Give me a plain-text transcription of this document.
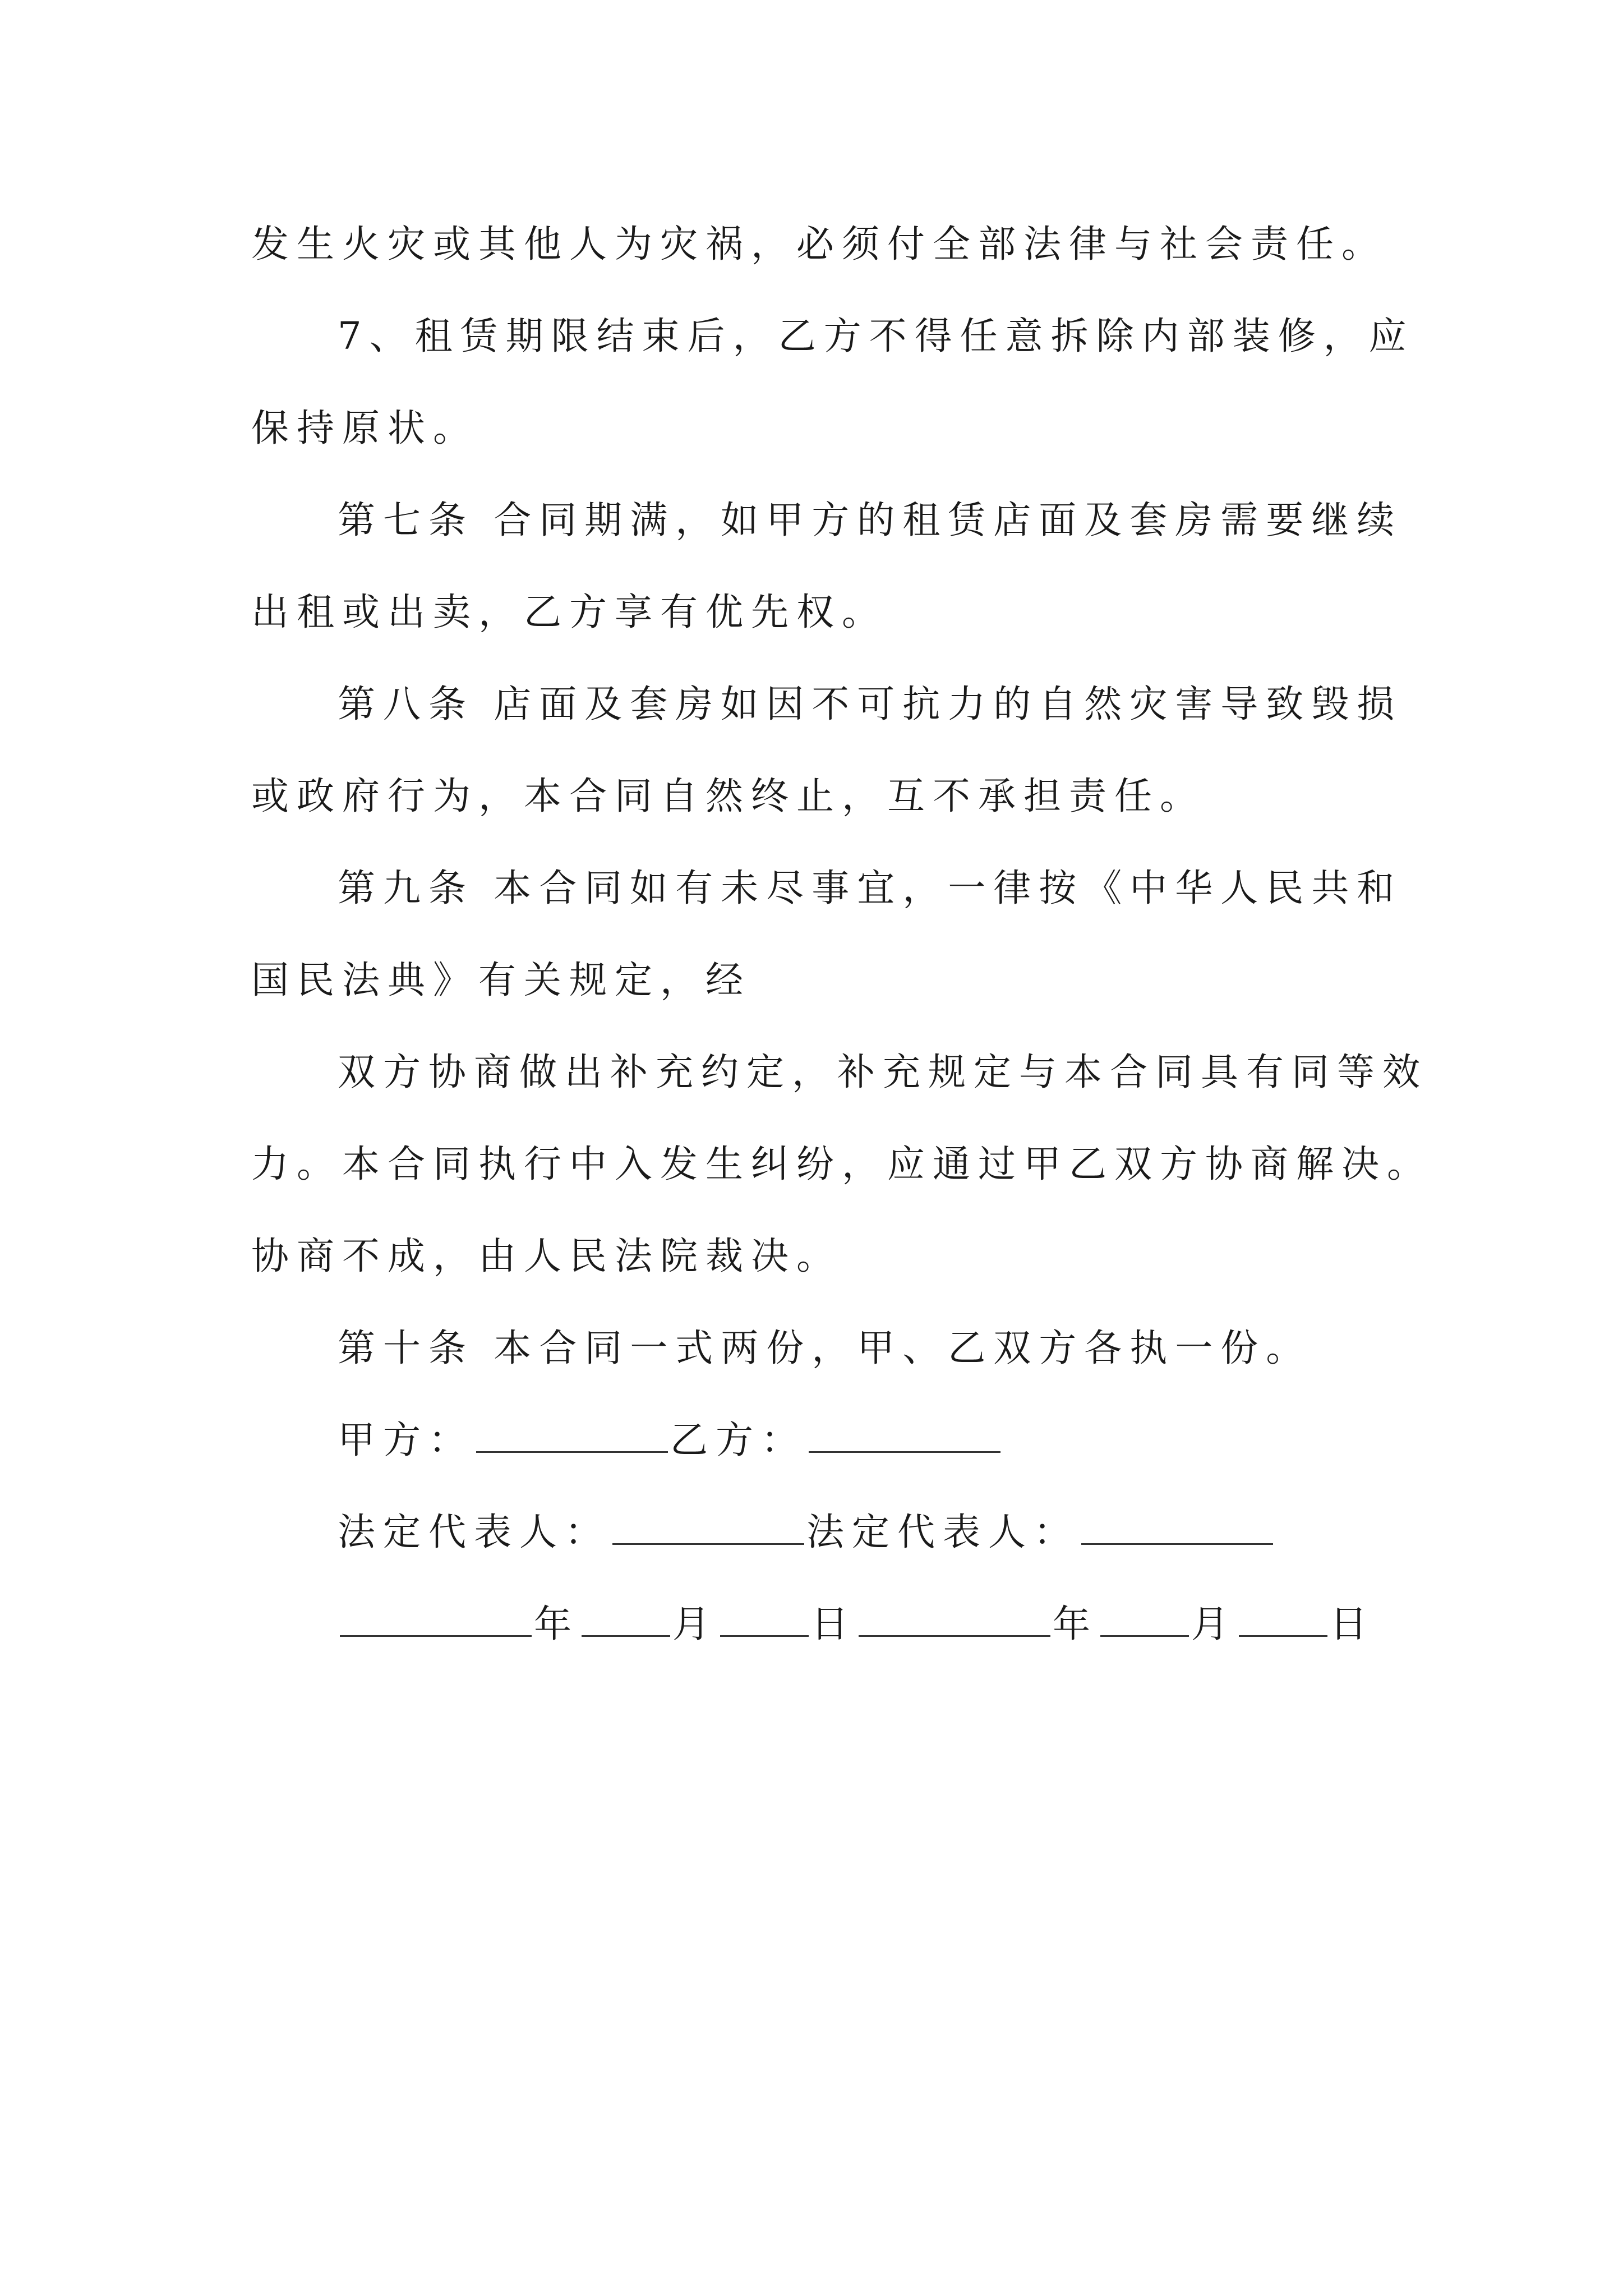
发生火灾或其他人为灾祸，必须付全部法律与社会责任。
7、租赁期限结束后，乙方不得任意拆除内部装修，应
保持原状。
第七条 合同期满，如甲方的租赁店面及套房需要继续
出租或出卖，乙方享有优先权。
第八条 店面及套房如因不可抗力的自然灾害导致毁损
或政府行为，本合同自然终止，互不承担责任。
第九条 本合同如有未尽事宜，一律按《中华人民共和
国民法典》有关规定，经
双方协商做出补充约定，补充规定与本合同具有同等效
力。本合同执行中入发生纠纷，应通过甲乙双方协商解决。
协商不成，由人民法院裁决。
第十条 本合同一式两份，甲、乙双方各执一份。
甲方：	乙方：
法定代表人：	法定代表人：
年 月 日	年 月 日
